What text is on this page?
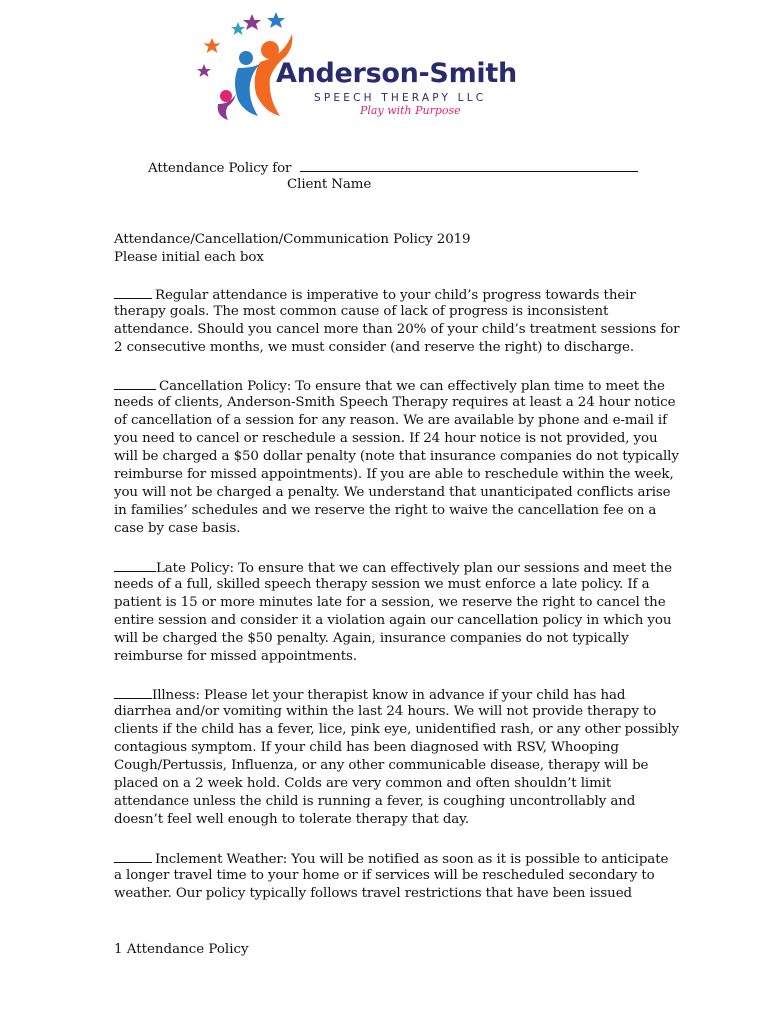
Anderson-Smith
SPEECH THERAPY LLC
Play with Purpose
Attendance Policy for
Client Name
Attendance/Cancellation/Communication Policy 2019
Please initial each box
Regular attendance is imperative to your child’s progress towards their
therapy goals. The most common cause of lack of progress is inconsistent
attendance. Should you cancel more than 20% of your child’s treatment sessions for
2 consecutive months, we must consider (and reserve the right) to discharge.
Cancellation Policy: To ensure that we can effectively plan time to meet the
needs of clients, Anderson-Smith Speech Therapy requires at least a 24 hour notice
of cancellation of a session for any reason. We are available by phone and e-mail if
you need to cancel or reschedule a session. If 24 hour notice is not provided, you
will be charged a $50 dollar penalty (note that insurance companies do not typically
reimburse for missed appointments). If you are able to reschedule within the week,
you will not be charged a penalty. We understand that unanticipated conflicts arise
in families’ schedules and we reserve the right to waive the cancellation fee on a
case by case basis.
Late Policy: To ensure that we can effectively plan our sessions and meet the
needs of a full, skilled speech therapy session we must enforce a late policy. If a
patient is 15 or more minutes late for a session, we reserve the right to cancel the
entire session and consider it a violation again our cancellation policy in which you
will be charged the $50 penalty. Again, insurance companies do not typically
reimburse for missed appointments.
Illness: Please let your therapist know in advance if your child has had
diarrhea and/or vomiting within the last 24 hours. We will not provide therapy to
clients if the child has a fever, lice, pink eye, unidentified rash, or any other possibly
contagious symptom. If your child has been diagnosed with RSV, Whooping
Cough/Pertussis, Influenza, or any other communicable disease, therapy will be
placed on a 2 week hold. Colds are very common and often shouldn’t limit
attendance unless the child is running a fever, is coughing uncontrollably and
doesn’t feel well enough to tolerate therapy that day.
Inclement Weather: You will be notified as soon as it is possible to anticipate
a longer travel time to your home or if services will be rescheduled secondary to
weather. Our policy typically follows travel restrictions that have been issued
1 Attendance Policy
